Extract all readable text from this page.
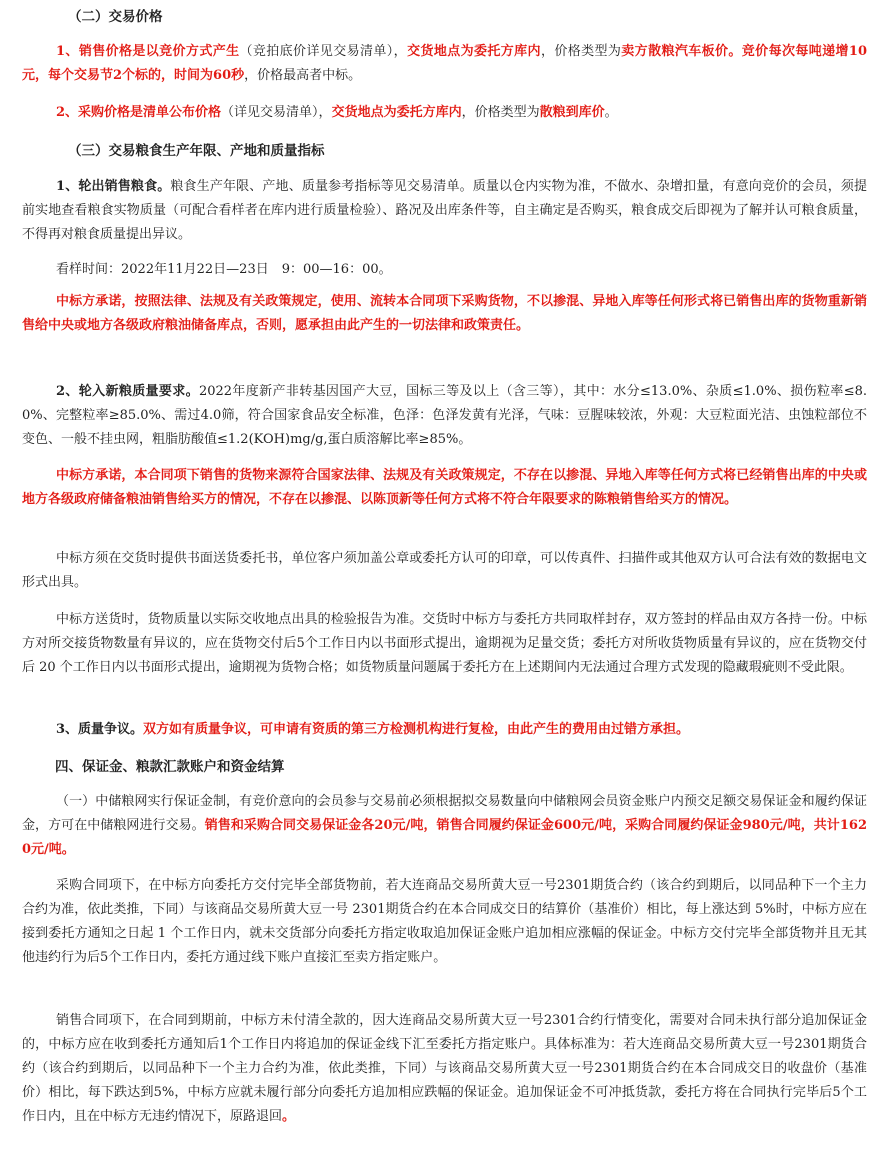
（二）交易价格

1、销售价格是以竞价方式产生（竞拍底价详见交易清单），交货地点为委托方库内，价格类型为卖方散粮汽车板价。竞价每次每吨递增10元，每个交易节2个标的，时间为60秒，价格最高者中标。

2、采购价格是清单公布价格（详见交易清单），交货地点为委托方库内，价格类型为散粮到库价。

（三）交易粮食生产年限、产地和质量指标

1、轮出销售粮食。粮食生产年限、产地、质量参考指标等见交易清单。质量以仓内实物为准，不做水、杂增扣量，有意向竞价的会员，须提前实地查看粮食实物质量（可配合看样者在库内进行质量检验）、路况及出库条件等，自主确定是否购买，粮食成交后即视为了解并认可粮食质量，不得再对粮食质量提出异议。

看样时间：2022年11月22日—23日　9：00—16：00。

中标方承诺，按照法律、法规及有关政策规定，使用、流转本合同项下采购货物，不以掺混、异地入库等任何形式将已销售出库的货物重新销售给中央或地方各级政府粮油储备库点，否则，愿承担由此产生的一切法律和政策责任。

2、轮入新粮质量要求。2022年度新产非转基因国产大豆，国标三等及以上（含三等），其中：水分≤13.0%、杂质≤1.0%、损伤粒率≤8.0%、完整粒率≥85.0%、需过4.0筛，符合国家食品安全标准，色泽：色泽发黄有光泽，气味：豆腥味较浓，外观：大豆粒面光洁、虫蚀粒部位不变色、一般不挂虫网，粗脂肪酸值≤1.2(KOH)mg/g,蛋白质溶解比率≥85%。

中标方承诺，本合同项下销售的货物来源符合国家法律、法规及有关政策规定，不存在以掺混、异地入库等任何方式将已经销售出库的中央或地方各级政府储备粮油销售给买方的情况，不存在以掺混、以陈顶新等任何方式将不符合年限要求的陈粮销售给买方的情况。

中标方须在交货时提供书面送货委托书，单位客户须加盖公章或委托方认可的印章，可以传真件、扫描件或其他双方认可合法有效的数据电文形式出具。

中标方送货时，货物质量以实际交收地点出具的检验报告为准。交货时中标方与委托方共同取样封存，双方签封的样品由双方各持一份。中标方对所交接货物数量有异议的，应在货物交付后5个工作日内以书面形式提出，逾期视为足量交货；委托方对所收货物质量有异议的，应在货物交付后 20 个工作日内以书面形式提出，逾期视为货物合格；如货物质量问题属于委托方在上述期间内无法通过合理方式发现的隐藏瑕疵则不受此限。

3、质量争议。双方如有质量争议，可申请有资质的第三方检测机构进行复检，由此产生的费用由过错方承担。

四、保证金、粮款汇款账户和资金结算

（一）中储粮网实行保证金制，有竞价意向的会员参与交易前必须根据拟交易数量向中储粮网会员资金账户内预交足额交易保证金和履约保证金，方可在中储粮网进行交易。销售和采购合同交易保证金各20元/吨，销售合同履约保证金600元/吨，采购合同履约保证金980元/吨，共计1620元/吨。

采购合同项下，在中标方向委托方交付完毕全部货物前，若大连商品交易所黄大豆一号2301期货合约（该合约到期后，以同品种下一个主力合约为准，依此类推，下同）与该商品交易所黄大豆一号 2301期货合约在本合同成交日的结算价（基准价）相比，每上涨达到 5%时，中标方应在接到委托方通知之日起 1 个工作日内，就未交货部分向委托方指定收取追加保证金账户追加相应涨幅的保证金。中标方交付完毕全部货物并且无其他违约行为后5个工作日内，委托方通过线下账户直接汇至卖方指定账户。

销售合同项下，在合同到期前，中标方未付清全款的，因大连商品交易所黄大豆一号2301合约行情变化，需要对合同未执行部分追加保证金的，中标方应在收到委托方通知后1个工作日内将追加的保证金线下汇至委托方指定账户。具体标准为：若大连商品交易所黄大豆一号2301期货合约（该合约到期后，以同品种下一个主力合约为准，依此类推，下同）与该商品交易所黄大豆一号2301期货合约在本合同成交日的收盘价（基准价）相比，每下跌达到5%，中标方应就未履行部分向委托方追加相应跌幅的保证金。追加保证金不可冲抵货款，委托方将在合同执行完毕后5个工作日内，且在中标方无违约情况下，原路退回。
